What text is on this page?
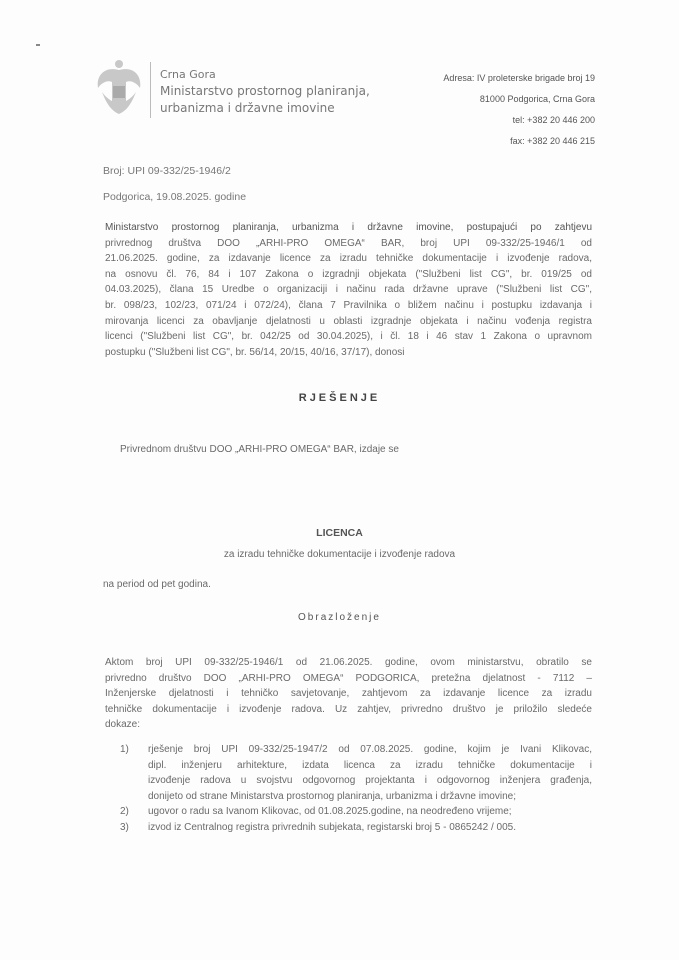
Crna Gora
Ministarstvo prostornog planiranja,
urbanizma i državne imovine
Adresa: IV proleterske brigade broj 19
81000 Podgorica, Crna Gora
tel: +382 20 446 200
fax: +382 20 446 215
Broj: UPI 09-332/25-1946/2
Podgorica, 19.08.2025. godine
Ministarstvo prostornog planiranja, urbanizma i državne imovine, postupajući po zahtjevu
privrednog društva DOO „ARHI-PRO OMEGA“ BAR, broj UPI 09-332/25-1946/1 od
21.06.2025. godine, za izdavanje licence za izradu tehničke dokumentacije i izvođenje radova,
na osnovu čl. 76, 84 i 107 Zakona o izgradnji objekata ("Službeni list CG", br. 019/25 od
04.03.2025), člana 15 Uredbe o organizaciji i načinu rada državne uprave ("Službeni list CG",
br. 098/23, 102/23, 071/24 i 072/24), člana 7 Pravilnika o bližem načinu i postupku izdavanja i
mirovanja licenci za obavljanje djelatnosti u oblasti izgradnje objekata i načinu vođenja registra
licenci ("Službeni list CG", br. 042/25 od 30.04.2025), i čl. 18 i 46 stav 1 Zakona o upravnom
postupku ("Službeni list CG", br. 56/14, 20/15, 40/16, 37/17), donosi
RJEŠENJE
Privrednom društvu DOO „ARHI-PRO OMEGA“ BAR, izdaje se
LICENCA
za izradu tehničke dokumentacije i izvođenje radova
na period od pet godina.
Obrazloženje
Aktom broj UPI 09-332/25-1946/1 od 21.06.2025. godine, ovom ministarstvu, obratilo se
privredno društvo DOO „ARHI-PRO OMEGA“ PODGORICA, pretežna djelatnost - 7112 –
Inženjerske djelatnosti i tehničko savjetovanje, zahtjevom za izdavanje licence za izradu
tehničke dokumentacije i izvođenje radova. Uz zahtjev, privredno društvo je priložilo sledeće
dokaze:
1)	rješenje broj UPI 09-332/25-1947/2 od 07.08.2025. godine, kojim je Ivani Klikovac,
dipl. inženjeru arhitekture, izdata licenca za izradu tehničke dokumentacije i
izvođenje radova u svojstvu odgovornog projektanta i odgovornog inženjera građenja,
donijeto od strane Ministarstva prostornog planiranja, urbanizma i državne imovine;
2)	ugovor o radu sa Ivanom Klikovac, od 01.08.2025.godine, na neodređeno vrijeme;
3)	izvod iz Centralnog registra privrednih subjekata, registarski broj 5 - 0865242 / 005.
